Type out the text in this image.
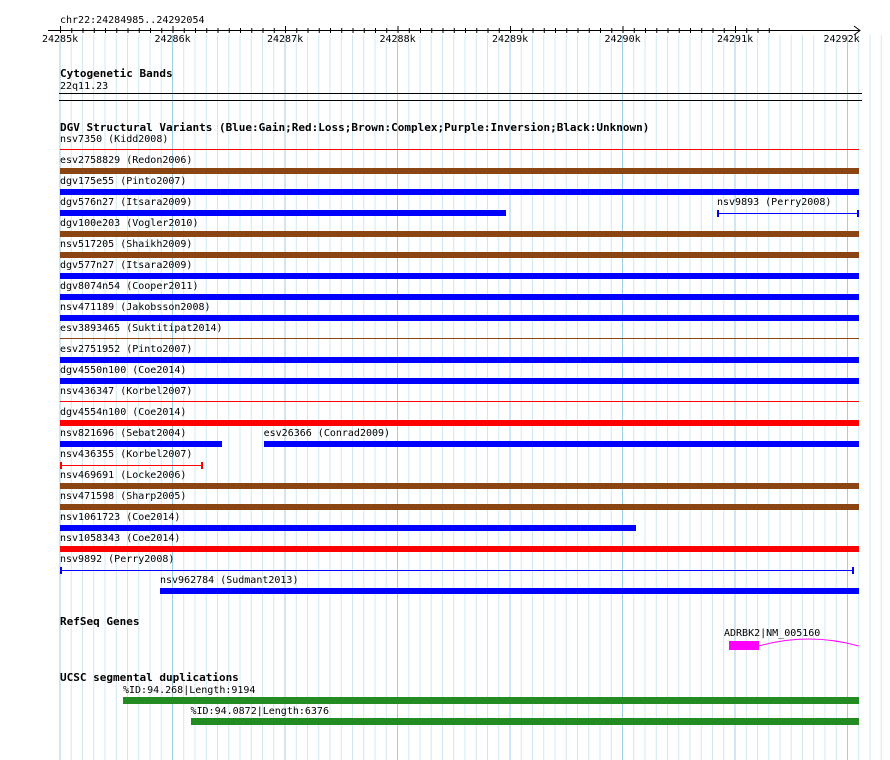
chr22:24284985..24292054
24285k	24286k	24287k	24288k	24289k	24290k	24291k	24292k
Cytogenetic Bands
22q11.23
DGV Structural Variants (Blue:Gain;Red:Loss;Brown:Complex;Purple:Inversion;Black:Unknown)
nsv7350 (Kidd2008)
esv2758829 (Redon2006)
dgv175e55 (Pinto2007)
dgv576n27 (Itsara2009)	nsv9893 (Perry2008)
dgv100e203 (Vogler2010)
nsv517205 (Shaikh2009)
dgv577n27 (Itsara2009)
dgv8074n54 (Cooper2011)
nsv471189 (Jakobsson2008)
esv3893465 (Suktitipat2014)
esv2751952 (Pinto2007)
dgv4550n100 (Coe2014)
nsv436347 (Korbel2007)
dgv4554n100 (Coe2014)
nsv821696 (Sebat2004)	esv26366 (Conrad2009)
nsv436355 (Korbel2007)
nsv469691 (Locke2006)
nsv471598 (Sharp2005)
nsv1061723 (Coe2014)
nsv1058343 (Coe2014)
nsv9892 (Perry2008)
nsv962784 (Sudmant2013)
RefSeq Genes
ADRBK2|NM_005160
UCSC segmental duplications
%ID:94.268|Length:9194
%ID:94.0872|Length:6376
